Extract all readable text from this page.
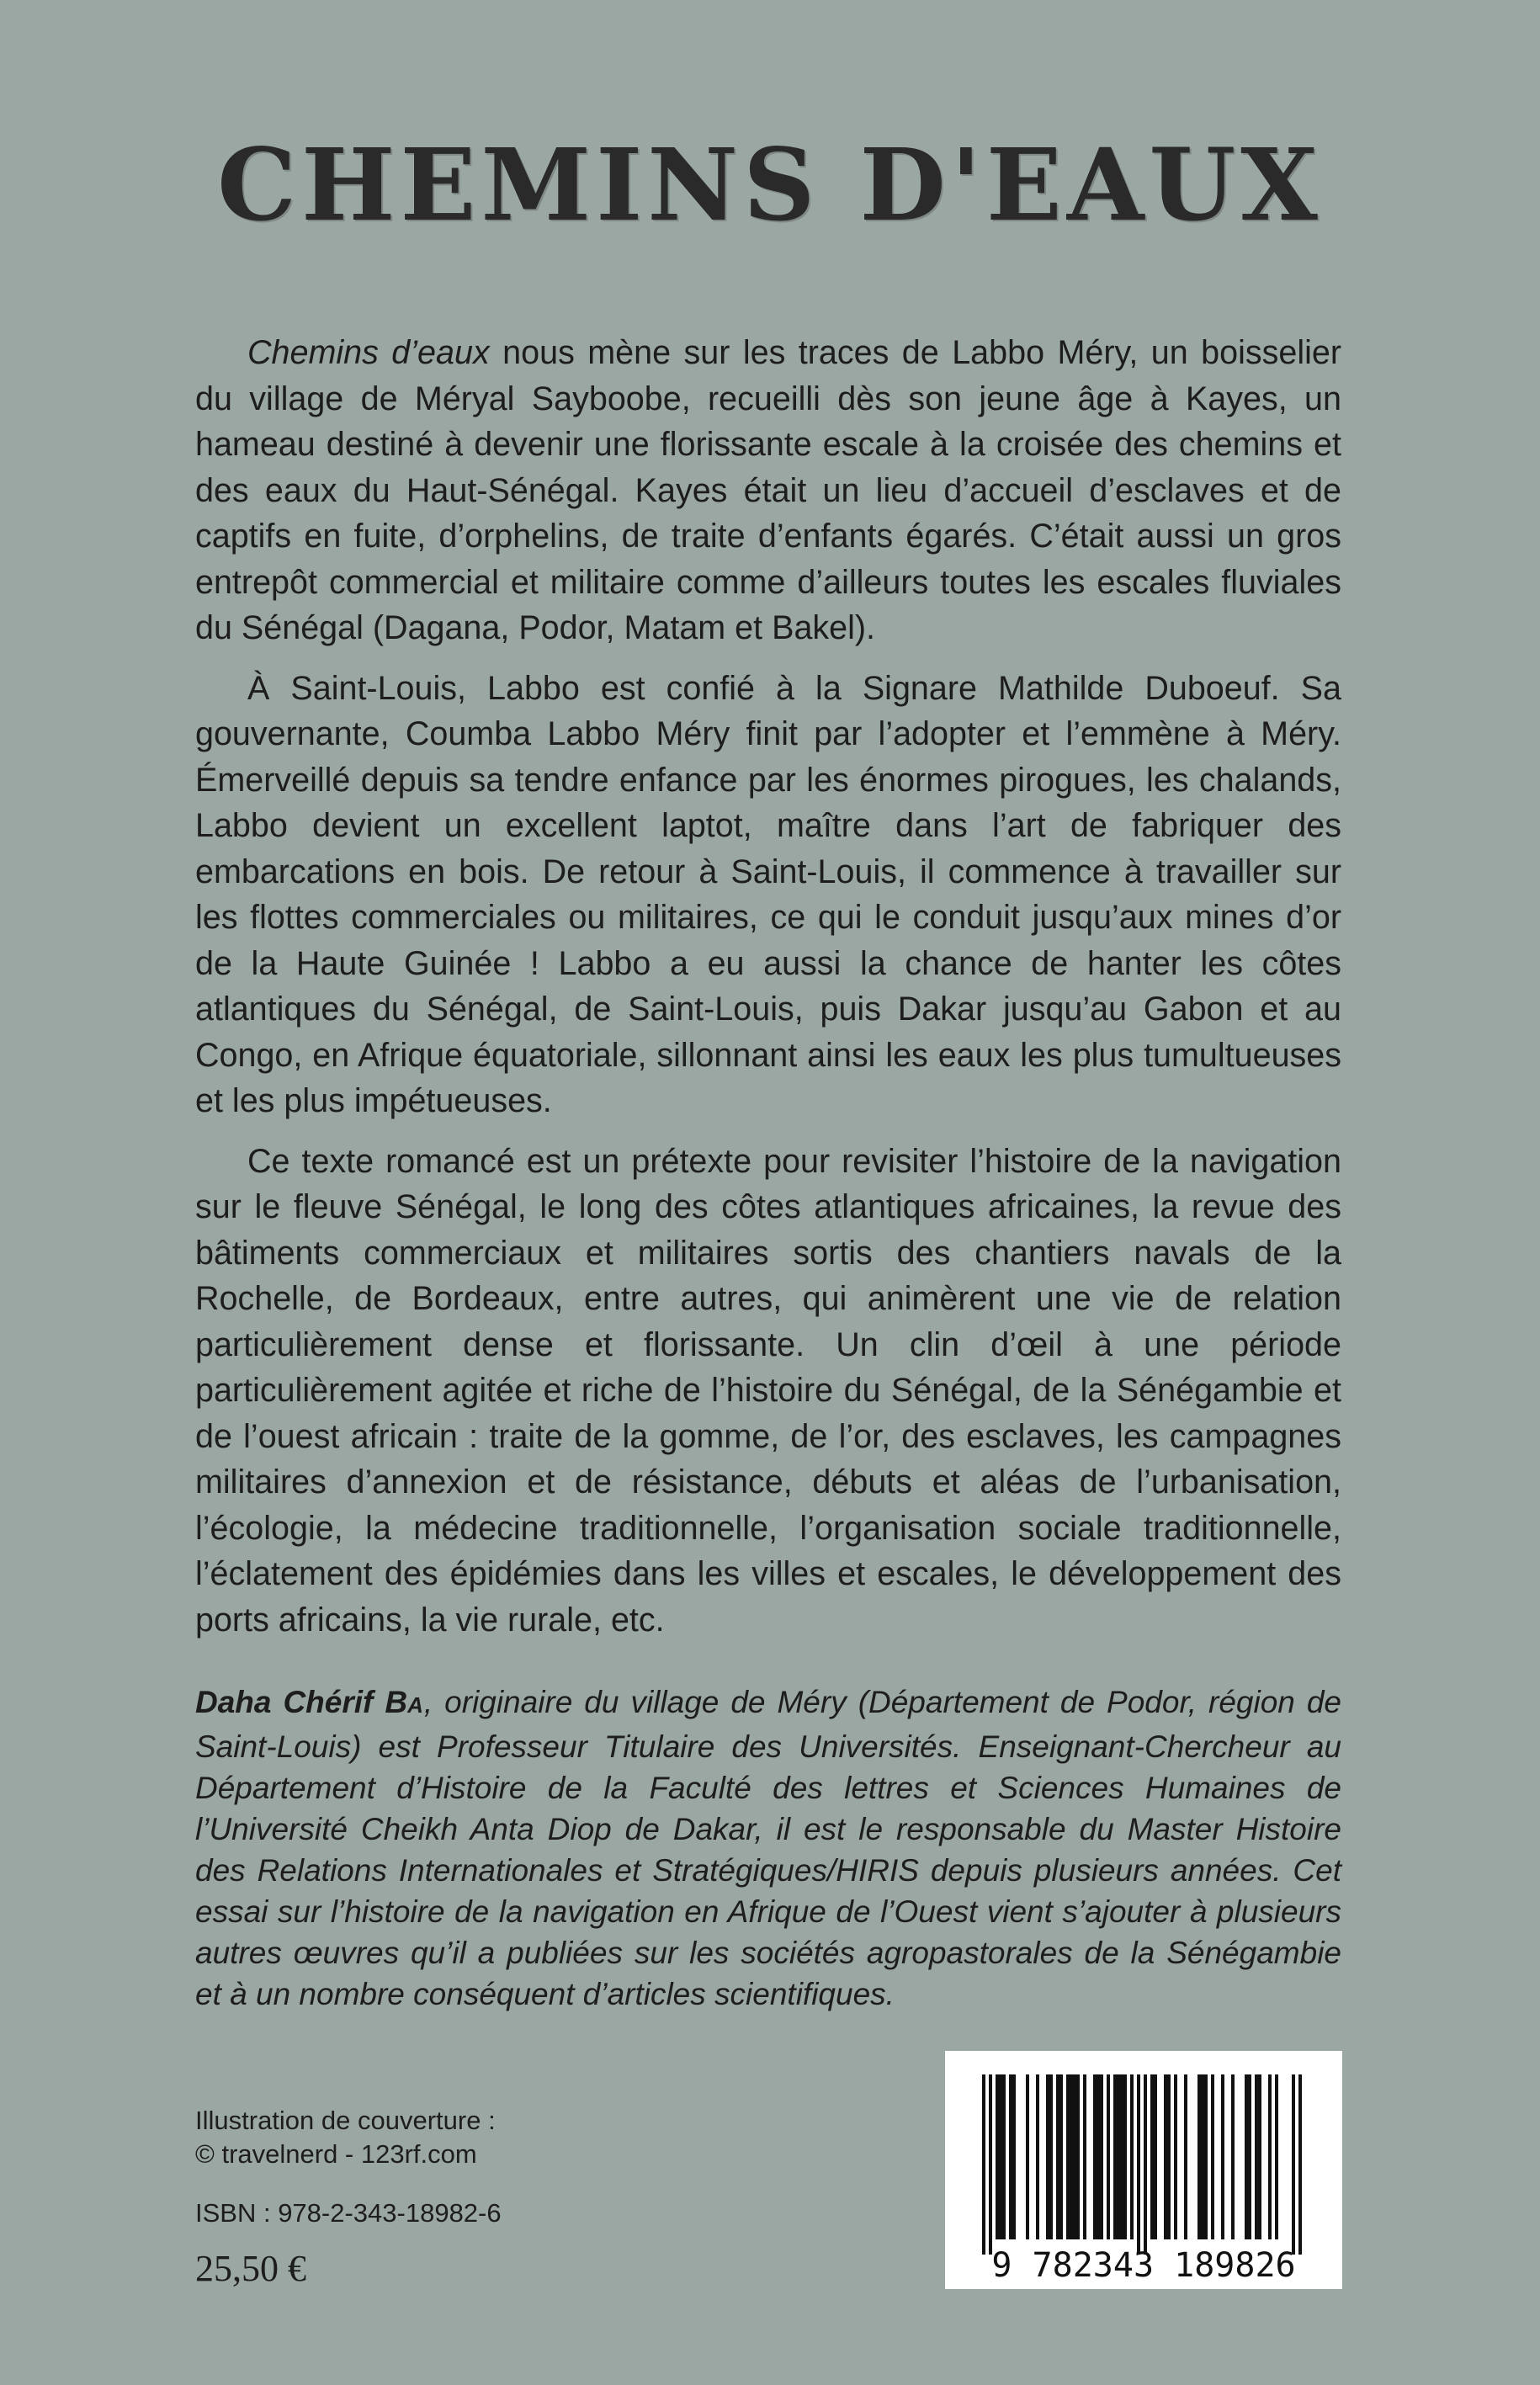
CHEMINS D'EAUX

Chemins d’eaux nous mène sur les traces de Labbo Méry, un boisselier du village de Méryal Sayboobe, recueilli dès son jeune âge à Kayes, un hameau destiné à devenir une florissante escale à la croisée des chemins et des eaux du Haut-Sénégal. Kayes était un lieu d’accueil d’esclaves et de captifs en fuite, d’orphelins, de traite d’enfants égarés. C’était aussi un gros entrepôt commercial et militaire comme d’ailleurs toutes les escales fluviales du Sénégal (Dagana, Podor, Matam et Bakel).

À Saint-Louis, Labbo est confié à la Signare Mathilde Duboeuf. Sa gouvernante, Coumba Labbo Méry finit par l’adopter et l’emmène à Méry. Émerveillé depuis sa tendre enfance par les énormes pirogues, les chalands, Labbo devient un excellent laptot, maître dans l’art de fabriquer des embarcations en bois. De retour à Saint-Louis, il commence à travailler sur les flottes commerciales ou militaires, ce qui le conduit jusqu’aux mines d’or de la Haute Guinée ! Labbo a eu aussi la chance de hanter les côtes atlantiques du Sénégal, de Saint-Louis, puis Dakar jusqu’au Gabon et au Congo, en Afrique équatoriale, sillonnant ainsi les eaux les plus tumultueuses et les plus impétueuses.

Ce texte romancé est un prétexte pour revisiter l’histoire de la navigation sur le fleuve Sénégal, le long des côtes atlantiques africaines, la revue des bâtiments commerciaux et militaires sortis des chantiers navals de la Rochelle, de Bordeaux, entre autres, qui animèrent une vie de relation particulièrement dense et florissante. Un clin d’œil à une période particulièrement agitée et riche de l’histoire du Sénégal, de la Sénégambie et de l’ouest africain : traite de la gomme, de l’or, des esclaves, les campagnes militaires d’annexion et de résistance, débuts et aléas de l’urbanisation, l’écologie, la médecine traditionnelle, l’organisation sociale traditionnelle, l’éclatement des épidémies dans les villes et escales, le développement des ports africains, la vie rurale, etc.

Daha Chérif BA, originaire du village de Méry (Département de Podor, région de Saint-Louis) est Professeur Titulaire des Universités. Enseignant-Chercheur au Département d’Histoire de la Faculté des lettres et Sciences Humaines de l’Université Cheikh Anta Diop de Dakar, il est le responsable du Master Histoire des Relations Internationales et Stratégiques/HIRIS depuis plusieurs années. Cet essai sur l’histoire de la navigation en Afrique de l’Ouest vient s’ajouter à plusieurs autres œuvres qu’il a publiées sur les sociétés agropastorales de la Sénégambie et à un nombre conséquent d’articles scientifiques.
Illustration de couverture :
© travelnerd - 123rf.com
ISBN : 978-2-343-18982-6
25,50 €	9 782343 189826
